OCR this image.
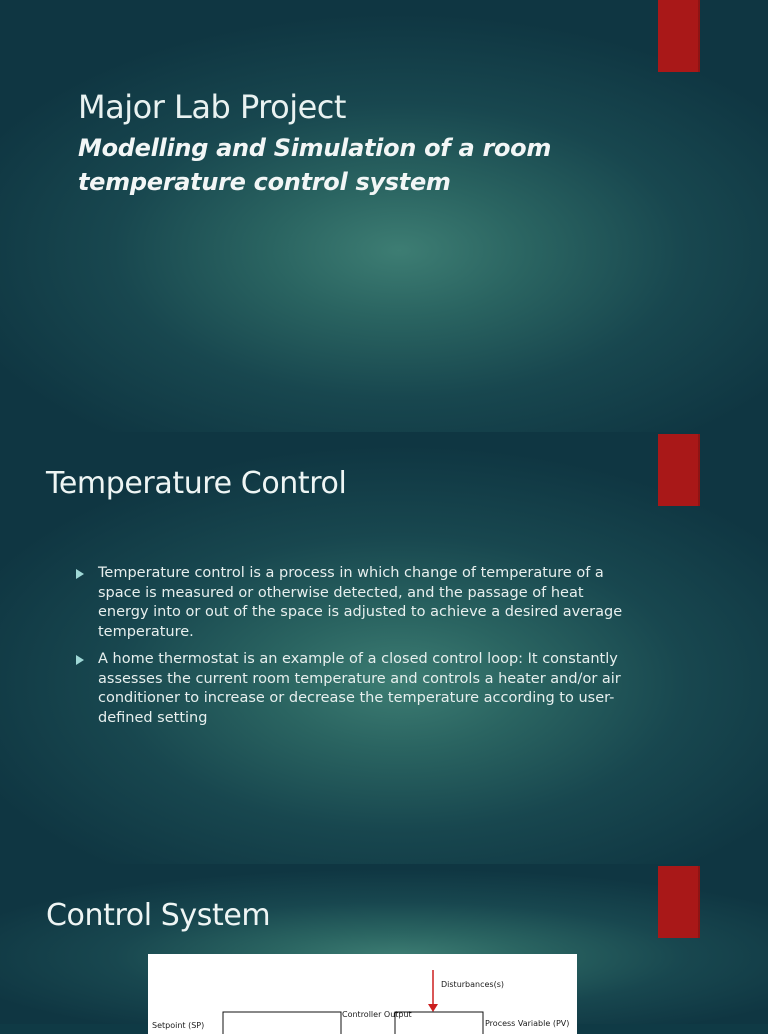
Major Lab Project
Modelling and Simulation of a room temperature control system
Temperature Control
Temperature control is a process in which change of temperature of a space is measured or otherwise detected, and the passage of heat energy into or out of the space is adjusted to achieve a desired average temperature.
A home thermostat is an example of a closed control loop: It constantly assesses the current room temperature and controls a heater and/or air conditioner to increase or decrease the temperature according to user-defined setting
Control System
Disturbances(s)
Controller Output
Setpoint (SP)	Process Variable (PV)
